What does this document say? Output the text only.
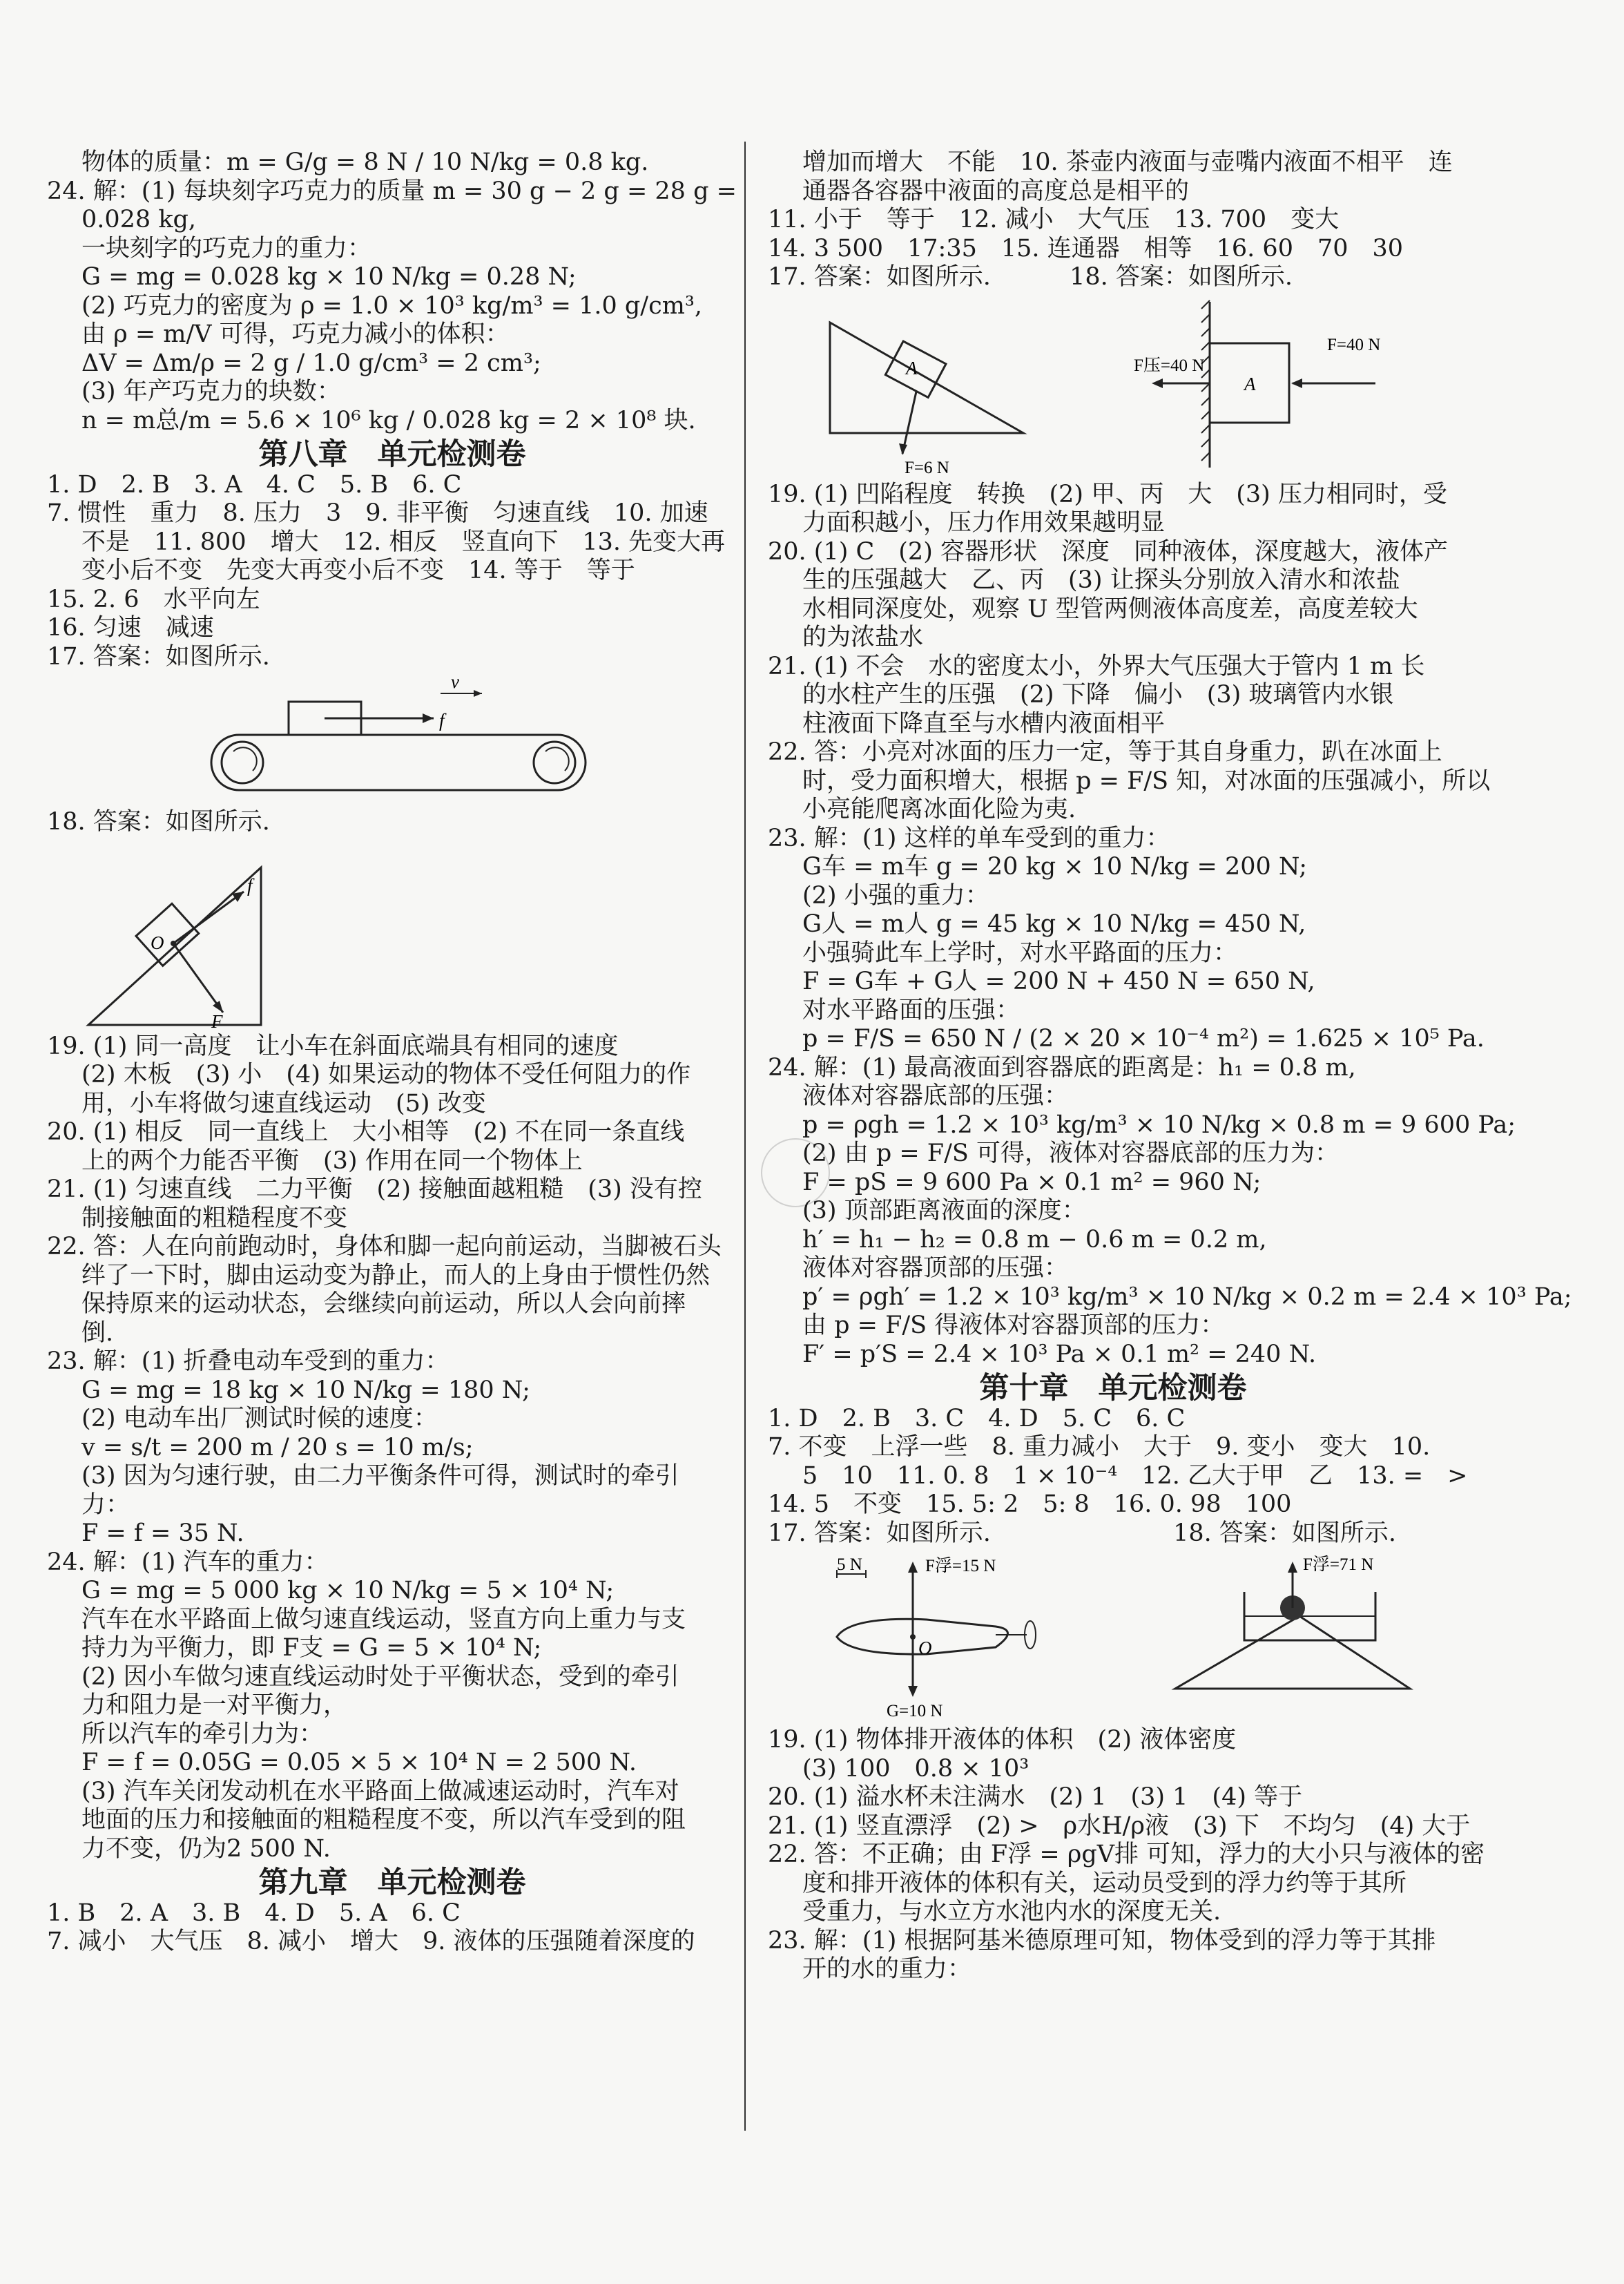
物体的质量：m = G/g = 8 N / 10 N/kg = 0.8 kg.
24. 解：(1) 每块刻字巧克力的质量 m = 30 g − 2 g = 28 g =
0.028 kg,
一块刻字的巧克力的重力：
G = mg = 0.028 kg × 10 N/kg = 0.28 N;
(2) 巧克力的密度为 ρ = 1.0 × 10³ kg/m³ = 1.0 g/cm³,
由 ρ = m/V 可得，巧克力减小的体积：
ΔV = Δm/ρ = 2 g / 1.0 g/cm³ = 2 cm³;
(3) 年产巧克力的块数：
n = m总/m = 5.6 × 10⁶ kg / 0.028 kg = 2 × 10⁸ 块.
第八章　单元检测卷
1. D　2. B　3. A　4. C　5. B　6. C
7. 惯性　重力　8. 压力　3　9. 非平衡　匀速直线　10. 加速
不是　11. 800　增大　12. 相反　竖直向下　13. 先变大再
变小后不变　先变大再变小后不变　14. 等于　等于
15. 2. 6　水平向左
16. 匀速　减速
17. 答案：如图所示.
f
v
18. 答案：如图所示.
O
f
F
19. (1) 同一高度　让小车在斜面底端具有相同的速度
(2) 木板　(3) 小　(4) 如果运动的物体不受任何阻力的作
用，小车将做匀速直线运动　(5) 改变
20. (1) 相反　同一直线上　大小相等　(2) 不在同一条直线
上的两个力能否平衡　(3) 作用在同一个物体上
21. (1) 匀速直线　二力平衡　(2) 接触面越粗糙　(3) 没有控
制接触面的粗糙程度不变
22. 答：人在向前跑动时，身体和脚一起向前运动，当脚被石头
绊了一下时，脚由运动变为静止，而人的上身由于惯性仍然
保持原来的运动状态，会继续向前运动，所以人会向前摔
倒.
23. 解：(1) 折叠电动车受到的重力：
G = mg = 18 kg × 10 N/kg = 180 N;
(2) 电动车出厂测试时候的速度：
v = s/t = 200 m / 20 s = 10 m/s;
(3) 因为匀速行驶，由二力平衡条件可得，测试时的牵引
力：
F = f = 35 N.
24. 解：(1) 汽车的重力：
G = mg = 5 000 kg × 10 N/kg = 5 × 10⁴ N;
汽车在水平路面上做匀速直线运动，竖直方向上重力与支
持力为平衡力，即 F支 = G = 5 × 10⁴ N;
(2) 因小车做匀速直线运动时处于平衡状态，受到的牵引
力和阻力是一对平衡力，
所以汽车的牵引力为：
F = f = 0.05G = 0.05 × 5 × 10⁴ N = 2 500 N.
(3) 汽车关闭发动机在水平路面上做减速运动时，汽车对
地面的压力和接触面的粗糙程度不变，所以汽车受到的阻
力不变，仍为2 500 N.
第九章　单元检测卷
1. B　2. A　3. B　4. D　5. A　6. C
7. 减小　大气压　8. 减小　增大　9. 液体的压强随着深度的
增加而增大　不能　10. 茶壶内液面与壶嘴内液面不相平　连
通器各容器中液面的高度总是相平的
11. 小于　等于　12. 减小　大气压　13. 700　变大
14. 3 500　17:35　15. 连通器　相等　16. 60　70　30
17. 答案：如图所示.	18. 答案：如图所示.
A
F=6 N
A
F压=40 N
F=40 N
19. (1) 凹陷程度　转换　(2) 甲、丙　大　(3) 压力相同时，受
力面积越小，压力作用效果越明显
20. (1) C　(2) 容器形状　深度　同种液体，深度越大，液体产
生的压强越大　乙、丙　(3) 让探头分别放入清水和浓盐
水相同深度处，观察 U 型管两侧液体高度差，高度差较大
的为浓盐水
21. (1) 不会　水的密度太小，外界大气压强大于管内 1 m 长
的水柱产生的压强　(2) 下降　偏小　(3) 玻璃管内水银
柱液面下降直至与水槽内液面相平
22. 答：小亮对冰面的压力一定，等于其自身重力，趴在冰面上
时，受力面积增大，根据 p = F/S 知，对冰面的压强减小，所以
小亮能爬离冰面化险为夷.
23. 解：(1) 这样的单车受到的重力：
G车 = m车 g = 20 kg × 10 N/kg = 200 N;
(2) 小强的重力：
G人 = m人 g = 45 kg × 10 N/kg = 450 N,
小强骑此车上学时，对水平路面的压力：
F = G车 + G人 = 200 N + 450 N = 650 N,
对水平路面的压强：
p = F/S = 650 N / (2 × 20 × 10⁻⁴ m²) = 1.625 × 10⁵ Pa.
24. 解：(1) 最高液面到容器底的距离是：h₁ = 0.8 m,
液体对容器底部的压强：
p = ρgh = 1.2 × 10³ kg/m³ × 10 N/kg × 0.8 m = 9 600 Pa;
(2) 由 p = F/S 可得，液体对容器底部的压力为：
F = pS = 9 600 Pa × 0.1 m² = 960 N;
(3) 顶部距离液面的深度：
h′ = h₁ − h₂ = 0.8 m − 0.6 m = 0.2 m,
液体对容器顶部的压强：
p′ = ρgh′ = 1.2 × 10³ kg/m³ × 10 N/kg × 0.2 m = 2.4 × 10³ Pa;
由 p = F/S 得液体对容器顶部的压力：
F′ = p′S = 2.4 × 10³ Pa × 0.1 m² = 240 N.
第十章　单元检测卷
1. D　2. B　3. C　4. D　5. C　6. C
7. 不变　上浮一些　8. 重力减小　大于　9. 变小　变大　10.
5　10　11. 0. 8　1 × 10⁻⁴　12. 乙大于甲　乙　13. =　>
14. 5　不变　15. 5: 2　5: 8　16. 0. 98　100
17. 答案：如图所示.	18. 答案：如图所示.
5 N	F浮=15 N
O
G=10 N
F浮=71 N
19. (1) 物体排开液体的体积　(2) 液体密度
(3) 100　0.8 × 10³
20. (1) 溢水杯未注满水　(2) 1　(3) 1　(4) 等于
21. (1) 竖直漂浮　(2) >　ρ水H/ρ液　(3) 下　不均匀　(4) 大于
22. 答：不正确；由 F浮 = ρgV排 可知，浮力的大小只与液体的密
度和排开液体的体积有关，运动员受到的浮力约等于其所
受重力，与水立方水池内水的深度无关.
23. 解：(1) 根据阿基米德原理可知，物体受到的浮力等于其排
开的水的重力：
